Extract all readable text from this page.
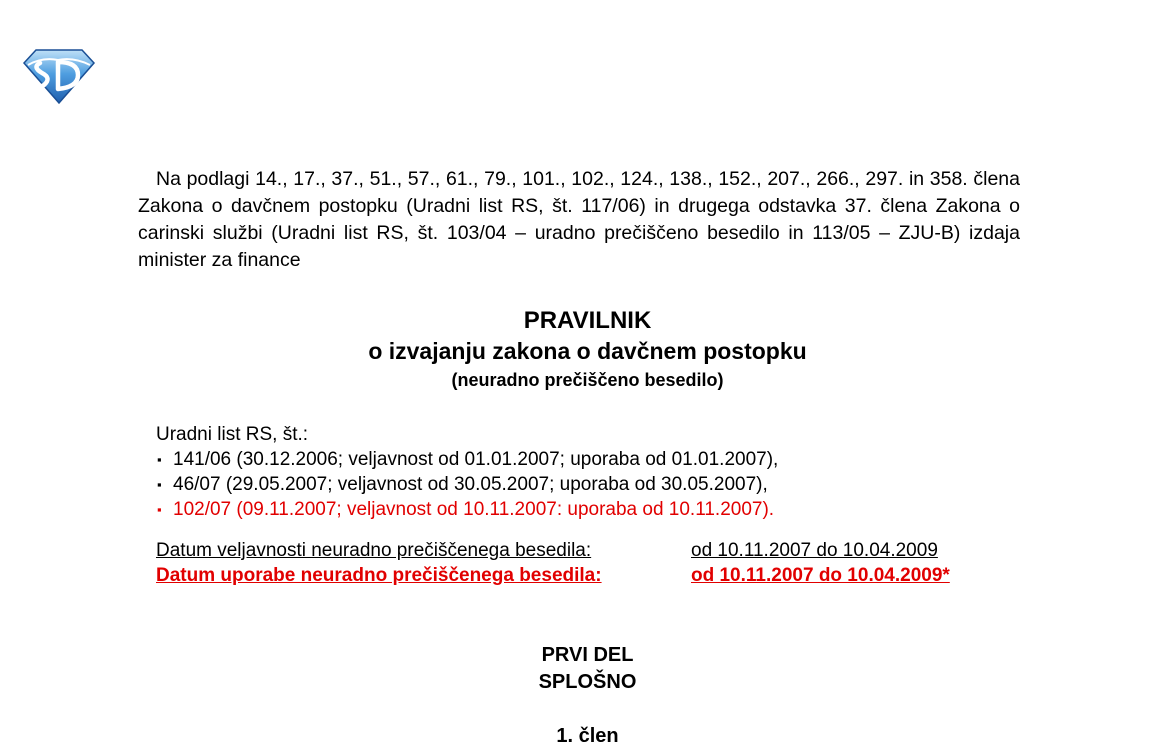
Na podlagi 14., 17., 37., 51., 57., 61., 79., 101., 102., 124., 138., 152., 207., 266., 297. in 358. člena Zakona o davčnem postopku (Uradni list RS, št. 117/06) in drugega odstavka 37. člena Zakona o carinski službi (Uradni list RS, št. 103/04 – uradno prečiščeno besedilo in 113/05 – ZJU-B) izdaja minister za finance
PRAVILNIK
o izvajanju zakona o davčnem postopku
(neuradno prečiščeno besedilo)
Uradni list RS, št.:
▪ 141/06 (30.12.2006; veljavnost od 01.01.2007; uporaba od 01.01.2007),
▪ 46/07 (29.05.2007; veljavnost od 30.05.2007; uporaba od 30.05.2007),
▪ 102/07 (09.11.2007; veljavnost od 10.11.2007: uporaba od 10.11.2007).
Datum veljavnosti neuradno prečiščenega besedila:	od 10.11.2007 do 10.04.2009
Datum uporabe neuradno prečiščenega besedila:	od 10.11.2007 do 10.04.2009*
PRVI DEL
SPLOŠNO
1. člen
